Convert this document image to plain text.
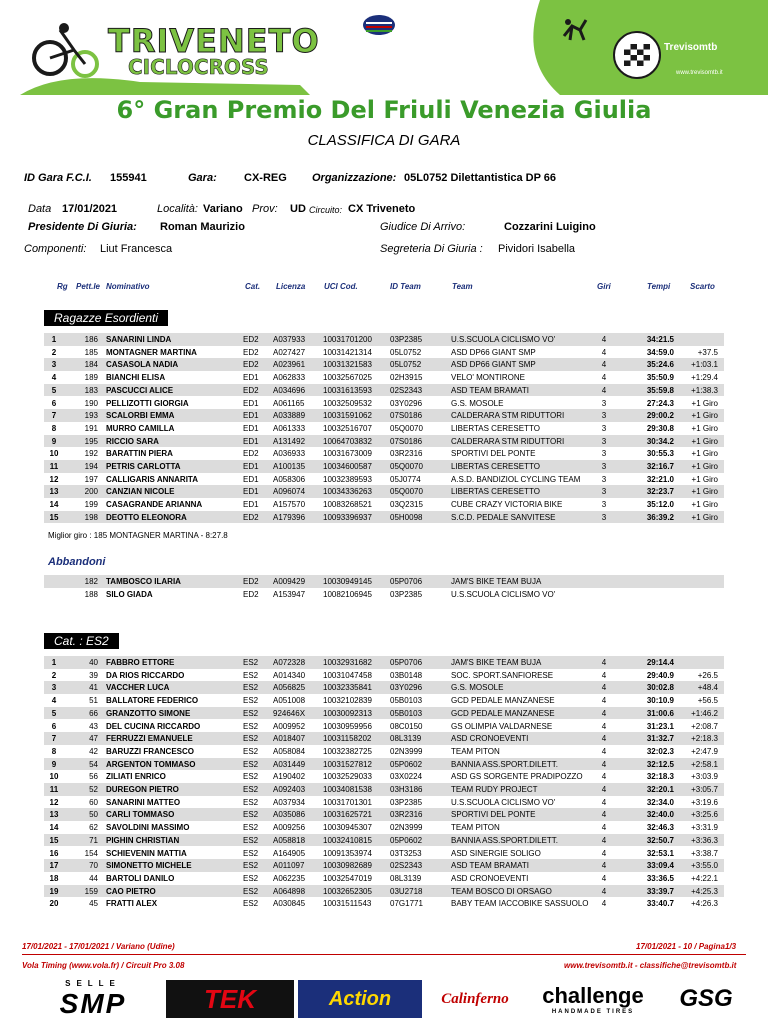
TRIVENETO
CICLOCROSS
Trevisomtb
www.trevisomtb.it
6° Gran Premio Del Friuli Venezia Giulia
CLASSIFICA DI GARA
ID Gara F.C.I. 155941	Gara: CX-REG Organizzazione: 05L0752 Dilettantistica DP 66
Data 17/01/2021	Località: Variano Prov: UD Circuito: CX Triveneto
Presidente Di Giuria: Roman Maurizio	Giudice Di Arrivo:	Cozzarini Luigino
Componenti: Liut Francesca	Segreteria Di Giuria : Pividori Isabella
Rg Pett.le Nominativo	Cat. Licenza UCI Cod.	ID Team	Team	Giri	Tempi Scarto
Ragazze Esordienti
1	186 SANARINI LINDA	ED2 A037933 10031701200 03P2385	U.S.SCUOLA CICLISMO VO'	4	34:21.5
2	185 MONTAGNER MARTINA	ED2 A027427 10031421314 05L0752	ASD DP66 GIANT SMP	4	34:59.0	+37.5
3	184 CASASOLA NADIA	ED2 A023961 10031321583 05L0752	ASD DP66 GIANT SMP	4	35:24.6	+1:03.1
4	189 BIANCHI ELISA	ED1 A062833 10032567025 02H3915	VELO' MONTIRONE	4	35:50.9	+1:29.4
5	183 PASCUCCI ALICE	ED2 A034696 10031613593 02S2343	ASD TEAM BRAMATI	4	35:59.8	+1:38.3
6	190 PELLIZOTTI GIORGIA	ED1 A061165 10032509532 03Y0296	G.S. MOSOLE	3	27:24.3	+1 Giro
7	193 SCALORBI EMMA	ED1 A033889 10031591062 07S0186	CALDERARA STM RIDUTTORI	3	29:00.2	+1 Giro
8	191 MURRO CAMILLA	ED1 A061333 10032516707 05Q0070	LIBERTAS CERESETTO	3	29:30.8	+1 Giro
9	195 RICCIO SARA	ED1 A131492 10064703832 07S0186	CALDERARA STM RIDUTTORI	3	30:34.2	+1 Giro
10	192 BARATTIN PIERA	ED2 A036933 10031673009 03R2316	SPORTIVI DEL PONTE	3	30:55.3	+1 Giro
11	194 PETRIS CARLOTTA	ED1 A100135 10034600587 05Q0070	LIBERTAS CERESETTO	3	32:16.7	+1 Giro
12	197 CALLIGARIS ANNARITA	ED1 A058306 10032389593 05J0774	A.S.D. BANDIZIOL CYCLING TEAM	3	32:21.0	+1 Giro
13	200 CANZIAN NICOLE	ED1 A096074 10034336263 05Q0070	LIBERTAS CERESETTO	3	32:23.7	+1 Giro
14	199 CASAGRANDE ARIANNA	ED1 A157570 10083268521 03Q2315	CUBE CRAZY VICTORIA BIKE	3	35:12.0	+1 Giro
15	198 DEOTTO ELEONORA	ED2 A179396 10093396937 05H0098	S.C.D. PEDALE SANVITESE	3	36:39.2	+1 Giro
Miglior giro : 185 MONTAGNER MARTINA - 8:27.8
Abbandoni
182 TAMBOSCO ILARIA	ED2 A009429 10030949145 05P0706	JAM'S BIKE TEAM BUJA
188 SILO GIADA	ED2 A153947 10082106945 03P2385	U.S.SCUOLA CICLISMO VO'
Cat. : ES2
1	40 FABBRO ETTORE	ES2 A072328 10032931682 05P0706	JAM'S BIKE TEAM BUJA	4	29:14.4
2	39 DA RIOS RICCARDO	ES2 A014340 10031047458 03B0148	SOC. SPORT.SANFIORESE	4	29:40.9	+26.5
3	41 VACCHER LUCA	ES2 A056825 10032335841 03Y0296	G.S. MOSOLE	4	30:02.8	+48.4
4	51 BALLATORE FEDERICO	ES2 A051008 10032102839 05B0103	GCD PEDALE MANZANESE	4	30:10.9	+56.5
5	66 GRANZOTTO SIMONE	ES2 924646X 10030092313 05B0103	GCD PEDALE MANZANESE	4	31:00.6	+1:46.2
6	43 DEL CUCINA RICCARDO	ES2 A009952 10030959956 08C0150	GS OLIMPIA VALDARNESE	4	31:23.1	+2:08.7
7	47 FERRUZZI EMANUELE	ES2 A018407 10031158202 08L3139	ASD CRONOEVENTI	4	31:32.7	+2:18.3
8	42 BARUZZI FRANCESCO	ES2 A058084 10032382725 02N3999	TEAM PITON	4	32:02.3	+2:47.9
9	54 ARGENTON TOMMASO	ES2 A031449 10031527812 05P0602	BANNIA ASS.SPORT.DILETT.	4	32:12.5	+2:58.1
10	56 ZILIATI ENRICO	ES2 A190402 10032529033 03X0224	ASD GS SORGENTE PRADIPOZZO	4	32:18.3	+3:03.9
11	52 DUREGON PIETRO	ES2 A092403 10034081538 03H3186	TEAM RUDY PROJECT	4	32:20.1	+3:05.7
12	60 SANARINI MATTEO	ES2 A037934 10031701301 03P2385	U.S.SCUOLA CICLISMO VO'	4	32:34.0	+3:19.6
13	50 CARLI TOMMASO	ES2 A035086 10031625721 03R2316	SPORTIVI DEL PONTE	4	32:40.0	+3:25.6
14	62 SAVOLDINI MASSIMO	ES2 A009256 10030945307 02N3999	TEAM PITON	4	32:46.3	+3:31.9
15	71 PIGHIN CHRISTIAN	ES2 A058818 10032410815 05P0602	BANNIA ASS.SPORT.DILETT.	4	32:50.7	+3:36.3
16	154 SCHIEVENIN MATTIA	ES2 A164905 10091353974 03T3253	ASD SINERGIE SOLIGO	4	32:53.1	+3:38.7
17	70 SIMONETTO MICHELE	ES2 A011097 10030982689 02S2343	ASD TEAM BRAMATI	4	33:09.4	+3:55.0
18	44 BARTOLI DANILO	ES2 A062235 10032547019 08L3139	ASD CRONOEVENTI	4	33:36.5	+4:22.1
19	159 CAO PIETRO	ES2 A064898 10032652305 03U2718	TEAM BOSCO DI ORSAGO	4	33:39.7	+4:25.3
20	45 FRATTI ALEX	ES2 A030845 10031511543 07G1771	BABY TEAM IACCOBIKE SASSUOLO	4	33:40.7	+4:26.3
17/01/2021 - 17/01/2021 / Variano (Udine)	17/01/2021 - 10 / Pagina1/3
Vola Timing (www.vola.fr) / Circuit Pro 3.08	www.trevisomtb.it - classifiche@trevisomtb.it
SELLE
SMP	TEK	Action	Calinferno challenge
HANDMADE TIRES GSG
